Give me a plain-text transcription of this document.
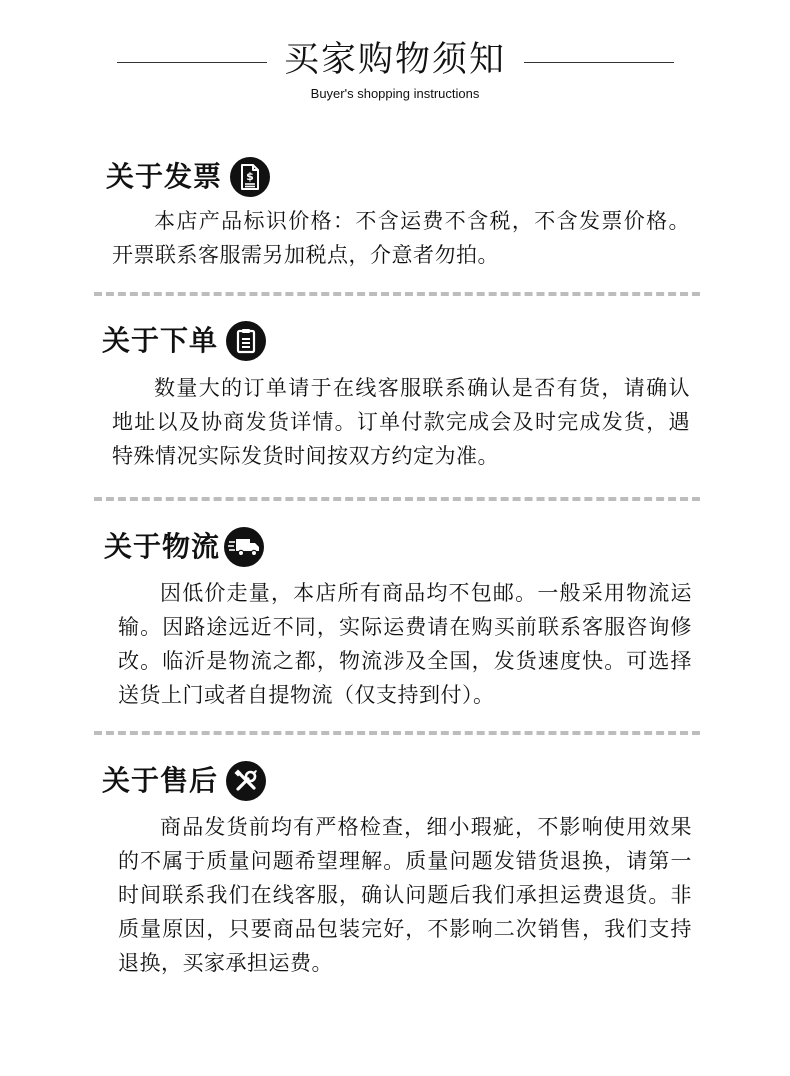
买家购物须知
Buyer's shopping instructions
关于发票 $
本店产品标识价格：不含运费不含税，不含发票价格。开票联系客服需另加税点，介意者勿拍。
关于下单
数量大的订单请于在线客服联系确认是否有货，请确认地址以及协商发货详情。订单付款完成会及时完成发货，遇特殊情况实际发货时间按双方约定为准。
关于物流
因低价走量，本店所有商品均不包邮。一般采用物流运输。因路途远近不同，实际运费请在购买前联系客服咨询修改。临沂是物流之都，物流涉及全国，发货速度快。可选择送货上门或者自提物流（仅支持到付）。
关于售后
商品发货前均有严格检查，细小瑕疵，不影响使用效果的不属于质量问题希望理解。质量问题发错货退换，请第一时间联系我们在线客服，确认问题后我们承担运费退货。非质量原因，只要商品包装完好，不影响二次销售，我们支持退换，买家承担运费。
